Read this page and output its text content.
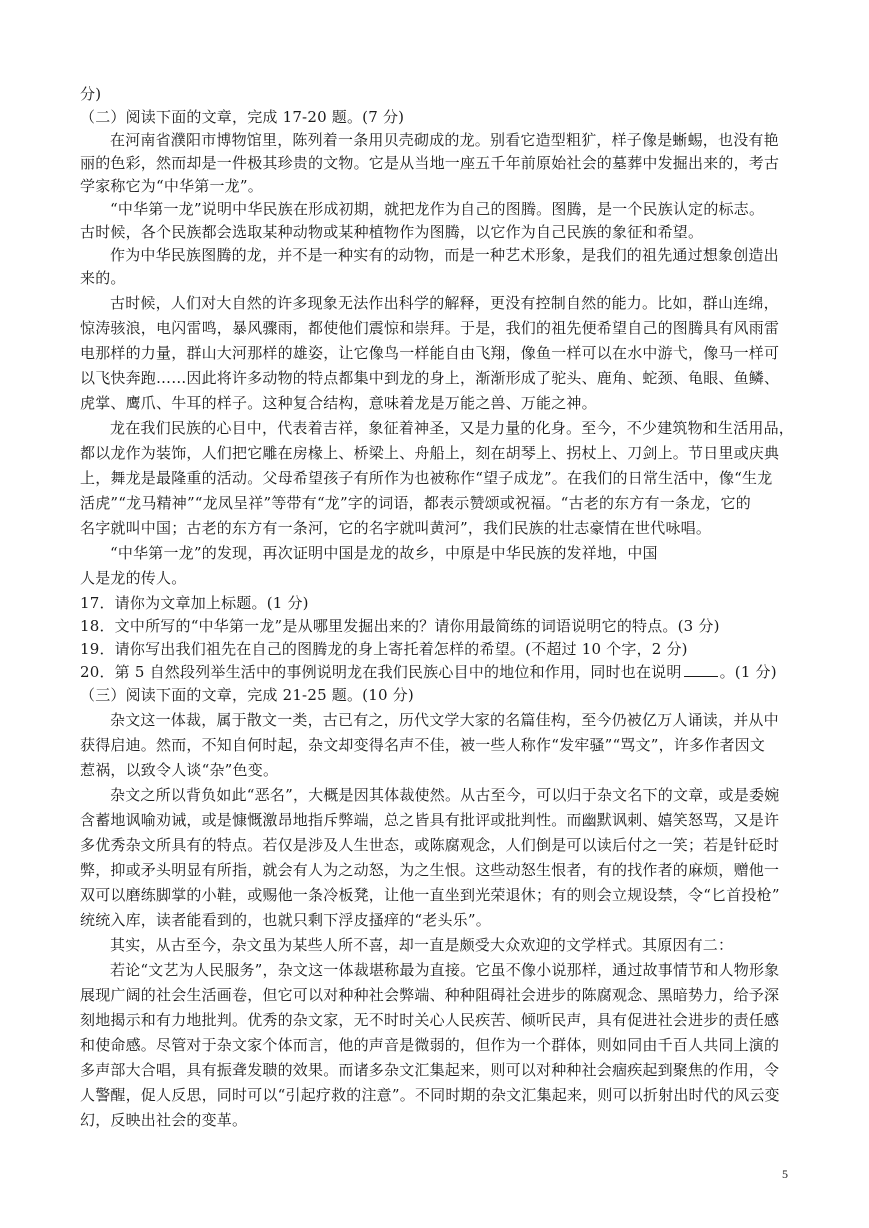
分)
（二）阅读下面的文章，完成 17-20 题。(7 分)
在河南省濮阳市博物馆里，陈列着一条用贝壳砌成的龙。别看它造型粗犷，样子像是蜥蜴，也没有艳
丽的色彩，然而却是一件极其珍贵的文物。它是从当地一座五千年前原始社会的墓葬中发掘出来的，考古
学家称它为“中华第一龙”。
“中华第一龙”说明中华民族在形成初期，就把龙作为自己的图腾。图腾，是一个民族认定的标志。
古时候，各个民族都会选取某种动物或某种植物作为图腾，以它作为自己民族的象征和希望。
作为中华民族图腾的龙，并不是一种实有的动物，而是一种艺术形象，是我们的祖先通过想象创造出
来的。
古时候，人们对大自然的许多现象无法作出科学的解释，更没有控制自然的能力。比如，群山连绵，
惊涛骇浪，电闪雷鸣，暴风骤雨，都使他们震惊和崇拜。于是，我们的祖先便希望自己的图腾具有风雨雷
电那样的力量，群山大河那样的雄姿，让它像鸟一样能自由飞翔，像鱼一样可以在水中游弋，像马一样可
以飞快奔跑……因此将许多动物的特点都集中到龙的身上，渐渐形成了驼头、鹿角、蛇颈、龟眼、鱼鳞、
虎掌、鹰爪、牛耳的样子。这种复合结构，意味着龙是万能之兽、万能之神。
龙在我们民族的心目中，代表着吉祥，象征着神圣，又是力量的化身。至今，不少建筑物和生活用品，
都以龙作为装饰，人们把它雕在房椽上、桥梁上、舟船上，刻在胡琴上、拐杖上、刀剑上。节日里或庆典
上，舞龙是最隆重的活动。父母希望孩子有所作为也被称作“望子成龙”。在我们的日常生活中，像“生龙
活虎”“龙马精神”“龙凤呈祥”等带有“龙”字的词语，都表示赞颂或祝福。“古老的东方有一条龙，它的
名字就叫中国；古老的东方有一条河，它的名字就叫黄河”，我们民族的壮志豪情在世代咏唱。
“中华第一龙”的发现，再次证明中国是龙的故乡，中原是中华民族的发祥地，中国
人是龙的传人。
17．请你为文章加上标题。(1 分)
18．文中所写的“中华第一龙”是从哪里发掘出来的？请你用最简练的词语说明它的特点。(3 分)
19．请你写出我们祖先在自己的图腾龙的身上寄托着怎样的希望。(不超过 10 个字，2 分)
20．第 5 自然段列举生活中的事例说明龙在我们民族心目中的地位和作用，同时也在说明	。(1 分)
（三）阅读下面的文章，完成 21-25 题。(10 分)
杂文这一体裁，属于散文一类，古已有之，历代文学大家的名篇佳构，至今仍被亿万人诵读，并从中
获得启迪。然而，不知自何时起，杂文却变得名声不佳，被一些人称作“发牢骚”“骂文”，许多作者因文
惹祸，以致令人谈“杂”色变。
杂文之所以背负如此“恶名”，大概是因其体裁使然。从古至今，可以归于杂文名下的文章，或是委婉
含蓄地讽喻劝诫，或是慷慨激昂地指斥弊端，总之皆具有批评或批判性。而幽默讽刺、嬉笑怒骂，又是许
多优秀杂文所具有的特点。若仅是涉及人生世态，或陈腐观念，人们倒是可以读后付之一笑；若是针砭时
弊，抑或矛头明显有所指，就会有人为之动怒，为之生恨。这些动怒生恨者，有的找作者的麻烦，赠他一
双可以磨练脚掌的小鞋，或赐他一条冷板凳，让他一直坐到光荣退休；有的则会立规设禁，令“匕首投枪”
统统入库，读者能看到的，也就只剩下浮皮搔痒的“老头乐”。
其实，从古至今，杂文虽为某些人所不喜，却一直是颇受大众欢迎的文学样式。其原因有二：
若论“文艺为人民服务”，杂文这一体裁堪称最为直接。它虽不像小说那样，通过故事情节和人物形象
展现广阔的社会生活画卷，但它可以对种种社会弊端、种种阻碍社会进步的陈腐观念、黑暗势力，给予深
刻地揭示和有力地批判。优秀的杂文家，无不时时关心人民疾苦、倾听民声，具有促进社会进步的责任感
和使命感。尽管对于杂文家个体而言，他的声音是微弱的，但作为一个群体，则如同由千百人共同上演的
多声部大合唱，具有振聋发聩的效果。而诸多杂文汇集起来，则可以对种种社会痼疾起到聚焦的作用，令
人警醒，促人反思，同时可以“引起疗救的注意”。不同时期的杂文汇集起来，则可以折射出时代的风云变
幻，反映出社会的变革。
5
